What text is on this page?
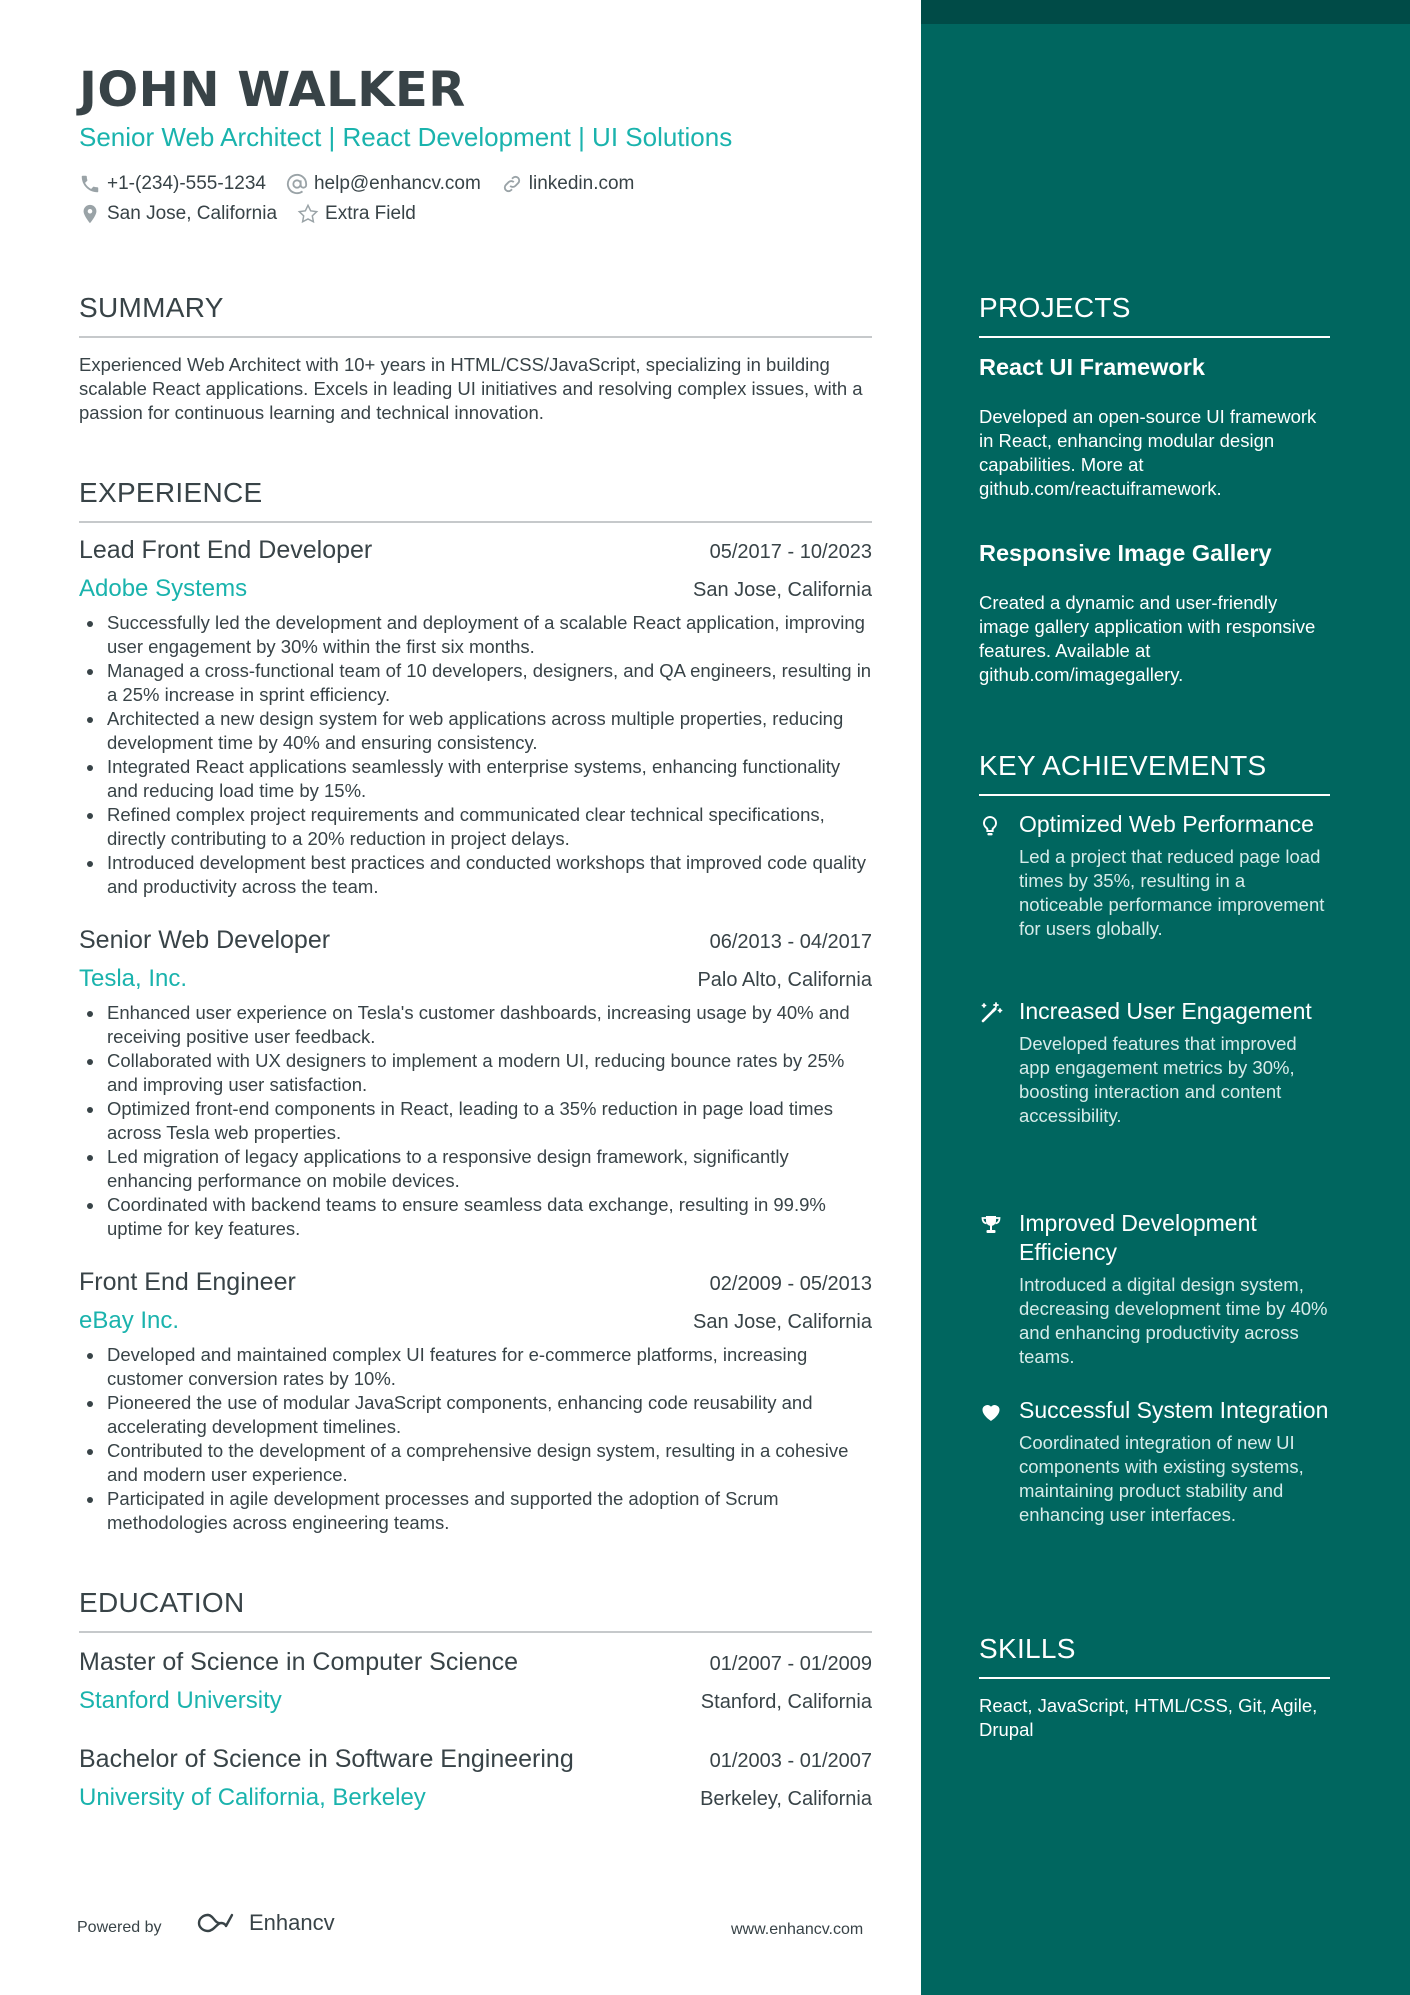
JOHN WALKER
Senior Web Architect | React Development | UI Solutions
+1-(234)-555-1234	help@enhancv.com	linkedin.com
San Jose, California	Extra Field
SUMMARY
Experienced Web Architect with 10+ years in HTML/CSS/JavaScript, specializing in building scalable React applications. Excels in leading UI initiatives and resolving complex issues, with a passion for continuous learning and technical innovation.
EXPERIENCE
Lead Front End Developer	05/2017 - 10/2023
Adobe Systems	San Jose, California
Successfully led the development and deployment of a scalable React application, improving user engagement by 30% within the first six months.
Managed a cross-functional team of 10 developers, designers, and QA engineers, resulting in a 25% increase in sprint efficiency.
Architected a new design system for web applications across multiple properties, reducing development time by 40% and ensuring consistency.
Integrated React applications seamlessly with enterprise systems, enhancing functionality and reducing load time by 15%.
Refined complex project requirements and communicated clear technical specifications, directly contributing to a 20% reduction in project delays.
Introduced development best practices and conducted workshops that improved code quality and productivity across the team.
Senior Web Developer	06/2013 - 04/2017
Tesla, Inc.	Palo Alto, California
Enhanced user experience on Tesla's customer dashboards, increasing usage by 40% and receiving positive user feedback.
Collaborated with UX designers to implement a modern UI, reducing bounce rates by 25% and improving user satisfaction.
Optimized front-end components in React, leading to a 35% reduction in page load times across Tesla web properties.
Led migration of legacy applications to a responsive design framework, significantly enhancing performance on mobile devices.
Coordinated with backend teams to ensure seamless data exchange, resulting in 99.9% uptime for key features.
Front End Engineer	02/2009 - 05/2013
eBay Inc.	San Jose, California
Developed and maintained complex UI features for e-commerce platforms, increasing customer conversion rates by 10%.
Pioneered the use of modular JavaScript components, enhancing code reusability and accelerating development timelines.
Contributed to the development of a comprehensive design system, resulting in a cohesive and modern user experience.
Participated in agile development processes and supported the adoption of Scrum methodologies across engineering teams.
EDUCATION
Master of Science in Computer Science	01/2007 - 01/2009
Stanford University	Stanford, California
Bachelor of Science in Software Engineering	01/2003 - 01/2007
University of California, Berkeley	Berkeley, California
Powered by	Enhancv	www.enhancv.com
PROJECTS
React UI Framework
Developed an open-source UI framework in React, enhancing modular design capabilities. More at github.com/reactuiframework.
Responsive Image Gallery
Created a dynamic and user-friendly image gallery application with responsive features. Available at github.com/imagegallery.
KEY ACHIEVEMENTS
Optimized Web Performance
Led a project that reduced page load times by 35%, resulting in a noticeable performance improvement for users globally.
Increased User Engagement
Developed features that improved app engagement metrics by 30%, boosting interaction and content accessibility.
Improved Development Efficiency
Introduced a digital design system, decreasing development time by 40% and enhancing productivity across teams.
Successful System Integration
Coordinated integration of new UI components with existing systems, maintaining product stability and enhancing user interfaces.
SKILLS
React, JavaScript, HTML/CSS, Git, Agile, Drupal
